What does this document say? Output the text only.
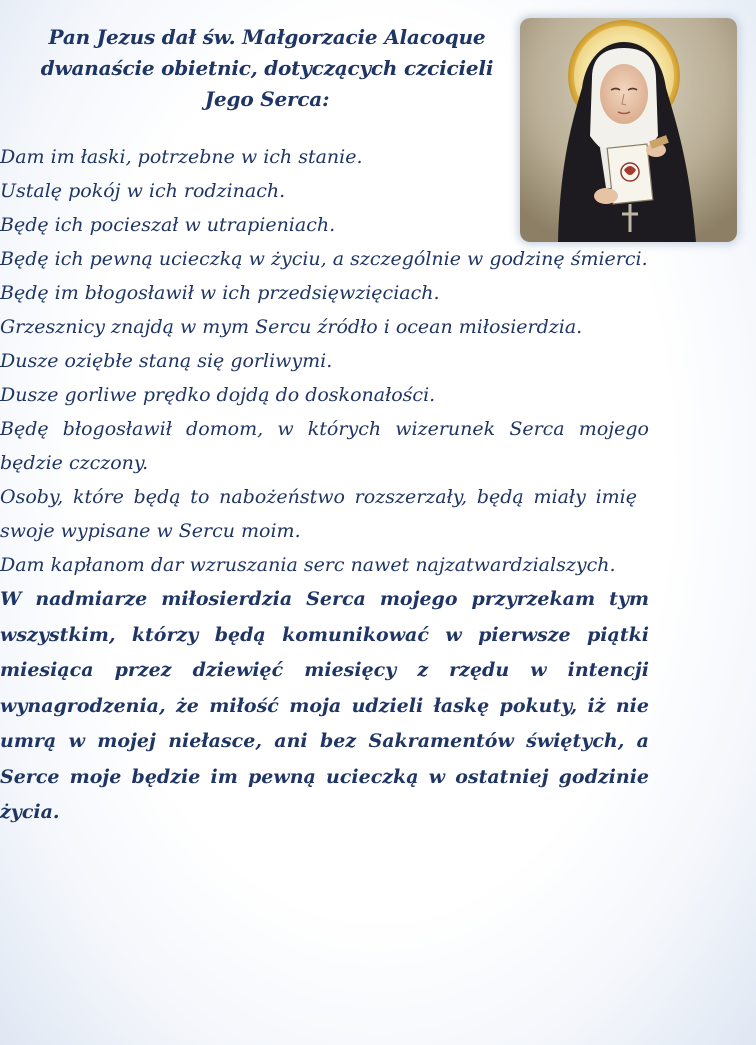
Pan Jezus dał św. Małgorzacie Alacoque dwanaście obietnic, dotyczących czcicieli Jego Serca:
Dam im łaski, potrzebne w ich stanie.
Ustalę pokój w ich rodzinach.
Będę ich pocieszał w utrapieniach.
Będę ich pewną ucieczką w życiu, a szczególnie w godzinę śmierci.
Będę im błogosławił w ich przedsięwzięciach.
Grzesznicy znajdą w mym Sercu źródło i ocean miłosierdzia.
Dusze oziębłe staną się gorliwymi.
Dusze gorliwe prędko dojdą do doskonałości.
Będę błogosławił domom, w których wizerunek Serca mojego będzie czczony.
Osoby, które będą to nabożeństwo rozszerzały, będą miały imię swoje wypisane w Sercu moim.
Dam kapłanom dar wzruszania serc nawet najzatwardzialszych.
W nadmiarze miłosierdzia Serca mojego przyrzekam tym wszystkim, którzy będą komunikować w pierwsze piątki miesiąca przez dziewięć miesięcy z rzędu w intencji wynagrodzenia, że miłość moja udzieli łaskę pokuty, iż nie umrą w mojej niełasce, ani bez Sakramentów świętych, a Serce moje będzie im pewną ucieczką w ostatniej godzinie życia.
